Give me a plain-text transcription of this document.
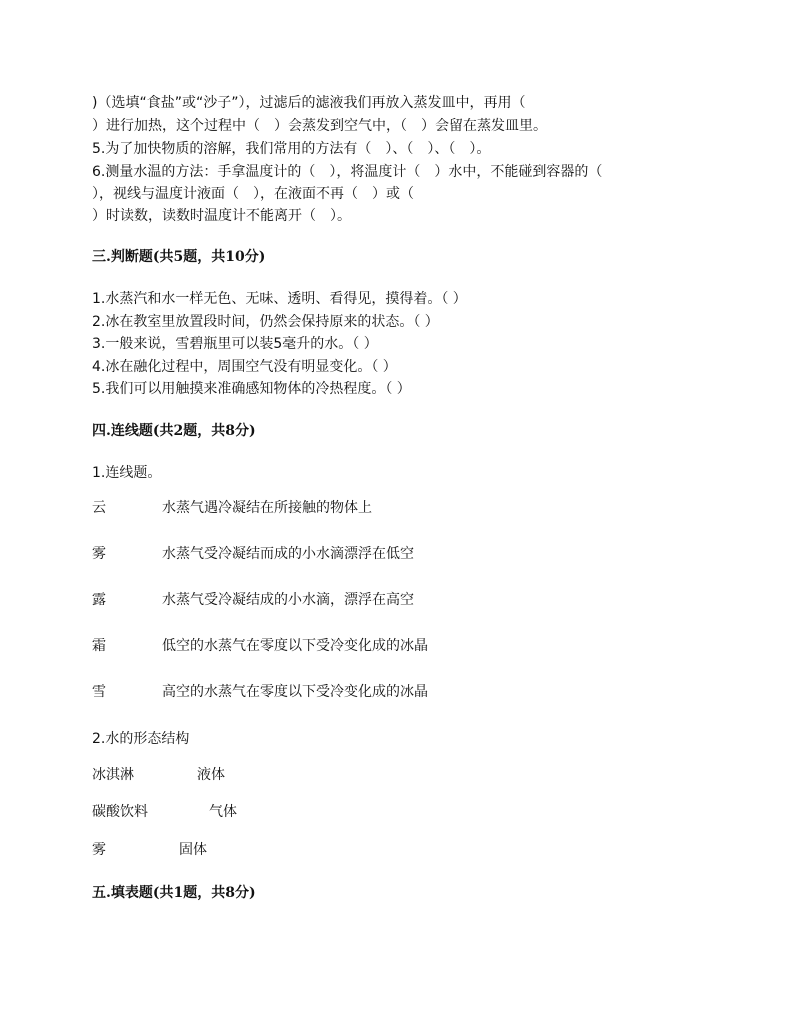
)（选填“食盐”或“沙子”），过滤后的滤液我们再放入蒸发皿中，再用（
）进行加热，这个过程中（　）会蒸发到空气中，（　）会留在蒸发皿里。
5.为了加快物质的溶解，我们常用的方法有（　）、（　）、（　）。
6.测量水温的方法：手拿温度计的（　），将温度计（　）水中，不能碰到容器的（
），视线与温度计液面（　），在液面不再（　）或（
）时读数，读数时温度计不能离开（　）。
三.判断题(共5题，共10分)
1.水蒸汽和水一样无色、无味、透明、看得见，摸得着。（ ）
2.冰在教室里放置段时间，仍然会保持原来的状态。（ ）
3.一般来说，雪碧瓶里可以装5毫升的水。（ ）
4.冰在融化过程中，周围空气没有明显变化。（ ）
5.我们可以用触摸来准确感知物体的冷热程度。（ ）
四.连线题(共2题，共8分)
1.连线题。
云	水蒸气遇冷凝结在所接触的物体上
雾	水蒸气受冷凝结而成的小水滴漂浮在低空
露	水蒸气受冷凝结成的小水滴，漂浮在高空
霜	低空的水蒸气在零度以下受冷变化成的冰晶
雪	高空的水蒸气在零度以下受冷变化成的冰晶
2.水的形态结构
冰淇淋	液体
碳酸饮料	气体
雾	固体
五.填表题(共1题，共8分)
